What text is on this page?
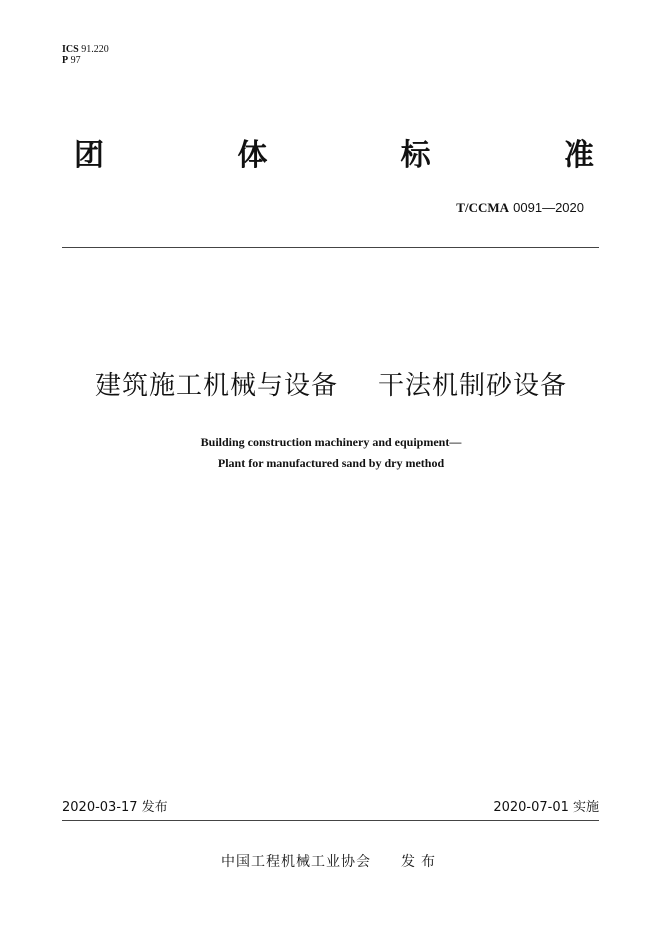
ICS 91.220
P 97
团	体	标	准
T/CCMA 0091—2020
建筑施工机械与设备 干法机制砂设备
Building construction machinery and equipment—
Plant for manufactured sand by dry method
2020-03-17 发布	2020-07-01 实施
中国工程机械工业协会 发布
